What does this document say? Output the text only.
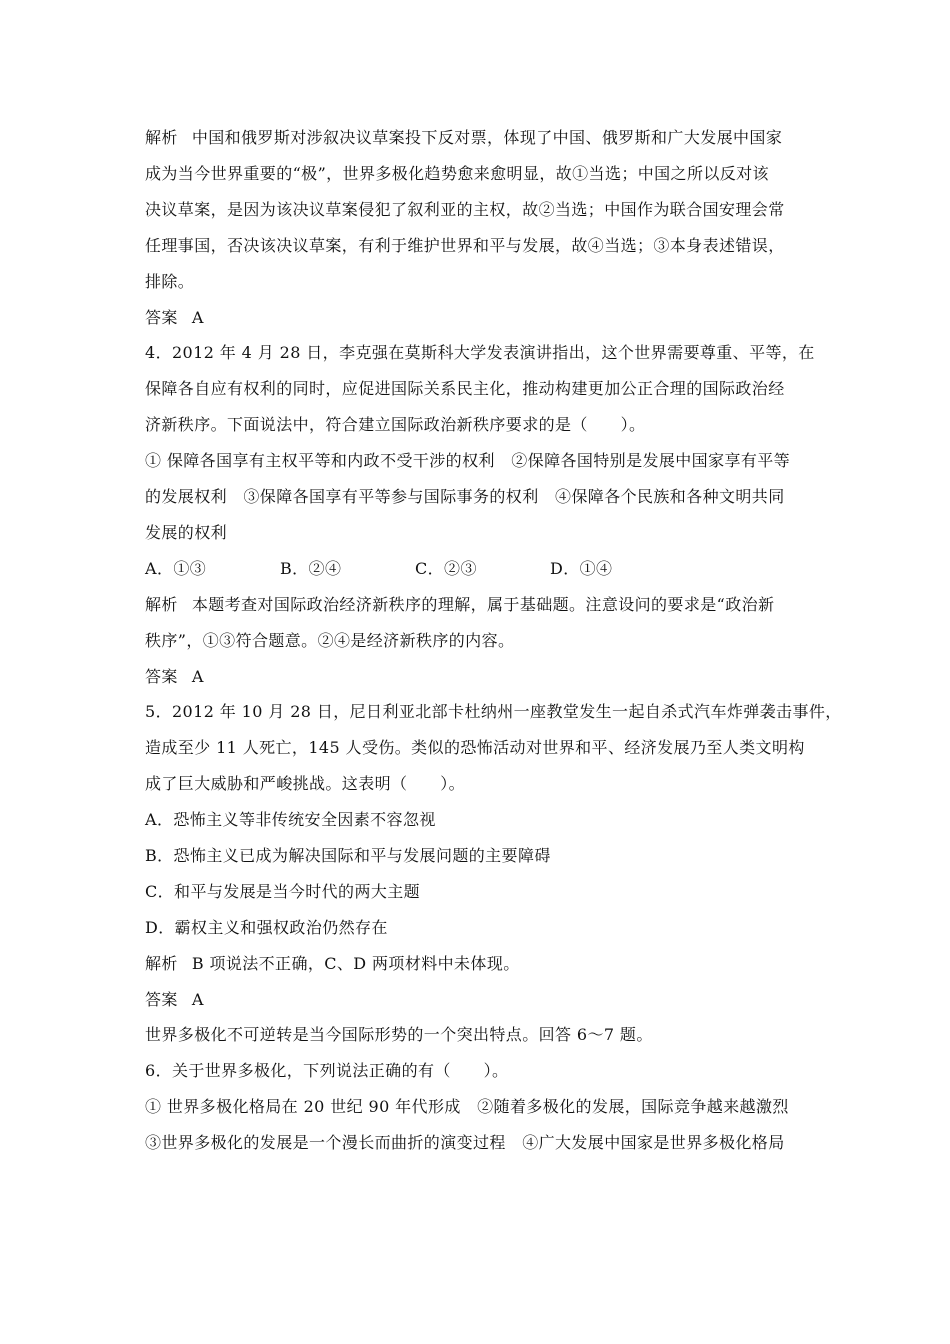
解析 中国和俄罗斯对涉叙决议草案投下反对票，体现了中国、俄罗斯和广大发展中国家
成为当今世界重要的“极”，世界多极化趋势愈来愈明显，故①当选；中国之所以反对该
决议草案，是因为该决议草案侵犯了叙利亚的主权，故②当选；中国作为联合国安理会常
任理事国，否决该决议草案，有利于维护世界和平与发展，故④当选；③本身表述错误，
排除。
答案 A
4．2012 年 4 月 28 日，李克强在莫斯科大学发表演讲指出，这个世界需要尊重、平等，在
保障各自应有权利的同时，应促进国际关系民主化，推动构建更加公正合理的国际政治经
济新秩序。下面说法中，符合建立国际政治新秩序要求的是（　　）。
① 保障各国享有主权平等和内政不受干涉的权利　②保障各国特别是发展中国家享有平等
的发展权利　③保障各国享有平等参与国际事务的权利　④保障各个民族和各种文明共同
发展的权利
A．①③	B．②④	C．②③	D．①④
解析 本题考查对国际政治经济新秩序的理解，属于基础题。注意设问的要求是“政治新
秩序”，①③符合题意。②④是经济新秩序的内容。
答案 A
5．2012 年 10 月 28 日，尼日利亚北部卡杜纳州一座教堂发生一起自杀式汽车炸弹袭击事件，
造成至少 11 人死亡，145 人受伤。类似的恐怖活动对世界和平、经济发展乃至人类文明构
成了巨大威胁和严峻挑战。这表明（　　）。
A．恐怖主义等非传统安全因素不容忽视
B．恐怖主义已成为解决国际和平与发展问题的主要障碍
C．和平与发展是当今时代的两大主题
D．霸权主义和强权政治仍然存在
解析 B 项说法不正确，C、D 两项材料中未体现。
答案 A
世界多极化不可逆转是当今国际形势的一个突出特点。回答 6～7 题。
6．关于世界多极化，下列说法正确的有（　　）。
① 世界多极化格局在 20 世纪 90 年代形成　②随着多极化的发展，国际竞争越来越激烈
③世界多极化的发展是一个漫长而曲折的演变过程　④广大发展中国家是世界多极化格局
